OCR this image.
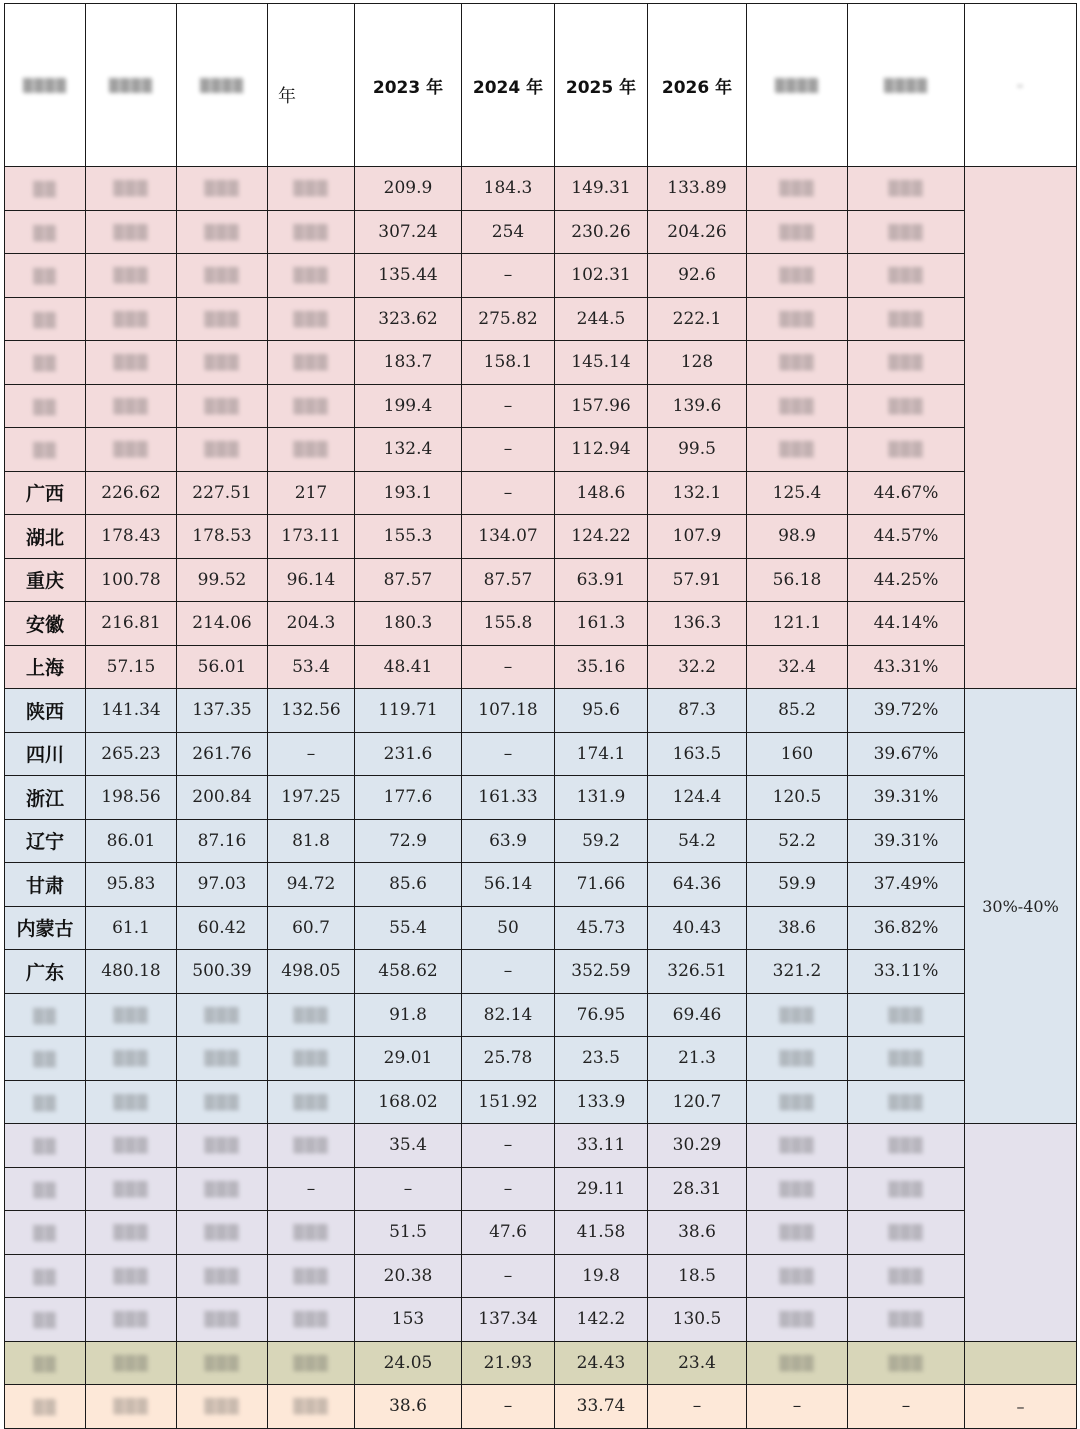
▒▒▒▒	▒▒▒▒	▒▒▒▒	年	2023 年	2024 年	2025 年	2026 年	▒▒▒▒	▒▒▒▒	–
▒▒	▒▒▒	▒▒▒	▒▒▒	209.9	184.3	149.31	133.89	▒▒▒	▒▒▒	
▒▒	▒▒▒	▒▒▒	▒▒▒	307.24	254	230.26	204.26	▒▒▒	▒▒▒	
▒▒	▒▒▒	▒▒▒	▒▒▒	135.44	–	102.31	92.6	▒▒▒	▒▒▒	
▒▒	▒▒▒	▒▒▒	▒▒▒	323.62	275.82	244.5	222.1	▒▒▒	▒▒▒	
▒▒	▒▒▒	▒▒▒	▒▒▒	183.7	158.1	145.14	128	▒▒▒	▒▒▒	
▒▒	▒▒▒	▒▒▒	▒▒▒	199.4	–	157.96	139.6	▒▒▒	▒▒▒	
▒▒	▒▒▒	▒▒▒	▒▒▒	132.4	–	112.94	99.5	▒▒▒	▒▒▒	
广西	226.62	227.51	217	193.1	–	148.6	132.1	125.4	44.67%	
湖北	178.43	178.53	173.11	155.3	134.07	124.22	107.9	98.9	44.57%	
重庆	100.78	99.52	96.14	87.57	87.57	63.91	57.91	56.18	44.25%	
安徽	216.81	214.06	204.3	180.3	155.8	161.3	136.3	121.1	44.14%	
上海	57.15	56.01	53.4	48.41	–	35.16	32.2	32.4	43.31%	
陕西	141.34	137.35	132.56	119.71	107.18	95.6	87.3	85.2	39.72%	30%-40%
四川	265.23	261.76	–	231.6	–	174.1	163.5	160	39.67%	
浙江	198.56	200.84	197.25	177.6	161.33	131.9	124.4	120.5	39.31%	
辽宁	86.01	87.16	81.8	72.9	63.9	59.2	54.2	52.2	39.31%	
甘肃	95.83	97.03	94.72	85.6	56.14	71.66	64.36	59.9	37.49%	
内蒙古	61.1	60.42	60.7	55.4	50	45.73	40.43	38.6	36.82%	
广东	480.18	500.39	498.05	458.62	–	352.59	326.51	321.2	33.11%	
▒▒	▒▒▒	▒▒▒	▒▒▒	91.8	82.14	76.95	69.46	▒▒▒	▒▒▒	
▒▒	▒▒▒	▒▒▒	▒▒▒	29.01	25.78	23.5	21.3	▒▒▒	▒▒▒	
▒▒	▒▒▒	▒▒▒	▒▒▒	168.02	151.92	133.9	120.7	▒▒▒	▒▒▒	
▒▒	▒▒▒	▒▒▒	▒▒▒	35.4	–	33.11	30.29	▒▒▒	▒▒▒	
▒▒	▒▒▒	▒▒▒	–	–	–	29.11	28.31	▒▒▒	▒▒▒	
▒▒	▒▒▒	▒▒▒	▒▒▒	51.5	47.6	41.58	38.6	▒▒▒	▒▒▒	
▒▒	▒▒▒	▒▒▒	▒▒▒	20.38	–	19.8	18.5	▒▒▒	▒▒▒	
▒▒	▒▒▒	▒▒▒	▒▒▒	153	137.34	142.2	130.5	▒▒▒	▒▒▒	
▒▒	▒▒▒	▒▒▒	▒▒▒	24.05	21.93	24.43	23.4	▒▒▒	▒▒▒	
▒▒	▒▒▒	▒▒▒	▒▒▒	38.6	–	33.74	–	–	–	–
